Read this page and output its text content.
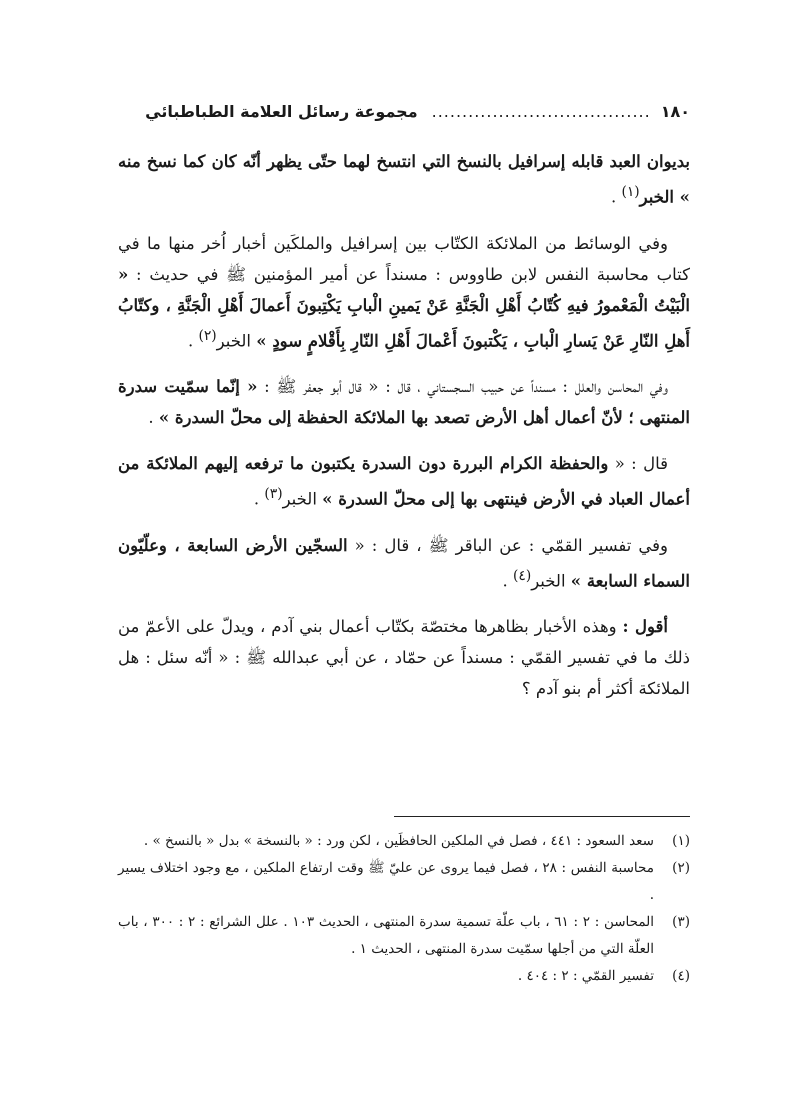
١٨٠
....................................
مجموعة رسائل العلامة الطباطبائي

بديوان العبد قابله إسرافيل بالنسخ التي انتسخ لهما حتّى يظهر أنّه كان كما نسخ منه » الخبر$^{(١)}$ .

وفي الوسائط من الملائكة الكتّاب بين إسرافيل والملكَين أخبار اُخر منها ما في كتاب محاسبة النفس لابن طاووس : مسنداً عن أمير المؤمنين ﷺ في حديث : « الْبَيْتُ الْمَعْمورُ فيهِ كُتّابُ أَهْلِ الْجَنَّةِ عَنْ يَمينِ الْبابِ يَكْتِبونَ أَعمالَ أَهْلِ الْجَنَّةِ ، وكتّابُ أَهلِ النّارِ عَنْ يَسارِ الْبابِ ، يَكْتبونَ أَعْمالَ أَهْلِ النّارِ بِأَقْلامٍ سودٍ » الخبر$^{(٢)}$ .

وفي المحاسن والعلل : مسنداً عن حبيب السجستاني ، قال : « قال أبو جعفر ﷺ : « إنّما سمّيت سدرة المنتهى ؛ لأنّ أعمال أهل الأرض تصعد بها الملائكة الحفظة إلى محلّ السدرة » .

قال : « والحفظة الكرام البررة دون السدرة يكتبون ما ترفعه إليهم الملائكة من أعمال العباد في الأرض فينتهى بها إلى محلّ السدرة » الخبر$^{(٣)}$ .

وفي تفسير القمّي : عن الباقر ﷺ ، قال : « السجّين الأرض السابعة ، وعلّيّون السماء السابعة » الخبر$^{(٤)}$ .

أقول : وهذه الأخبار بظاهرها مختصّة بكتّاب أعمال بني آدم ، ويدلّ على الأعمّ من ذلك ما في تفسير القمّي : مسنداً عن حمّاد ، عن أبي عبدالله ﷺ : « أنّه سئل : هل الملائكة أكثر أم بنو آدم ؟

(١)
سعد السعود : ٤٤١ ، فصل في الملكين الحافظَين ، لكن ورد : « بالنسخة » بدل « بالنسخ » .
(٢)
محاسبة النفس : ٢٨ ، فصل فيما يروى عن عليّ ﷺ وقت ارتفاع الملكين ، مع وجود اختلاف يسير .
(٣)
المحاسن : ٢ : ٦١ ، باب علّة تسمية سدرة المنتهى ، الحديث ١٠٣ . علل الشرائع : ٢ : ٣٠٠ ، باب العلّة التي من أجلها سمّيت سدرة المنتهى ، الحديث ١ .
(٤)
تفسير القمّي : ٢ : ٤٠٤ .
